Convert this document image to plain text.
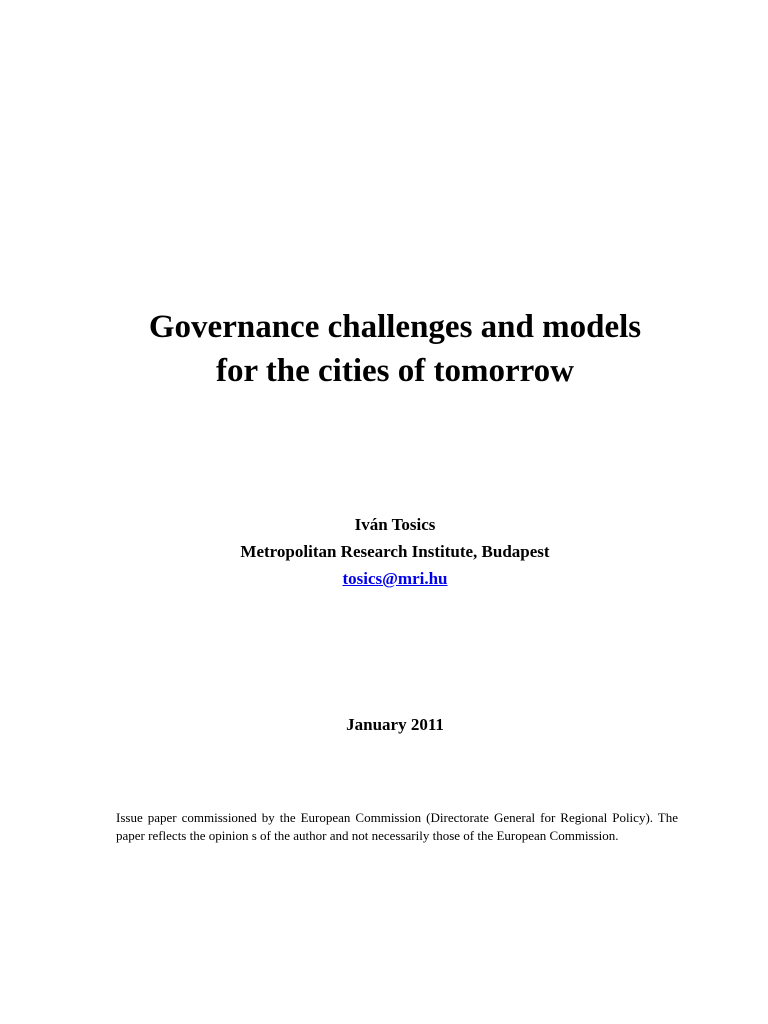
Governance challenges and models
for the cities of tomorrow
Iván Tosics
Metropolitan Research Institute, Budapest
tosics@mri.hu
January 2011

Issue paper commissioned by the European Commission (Directorate General for Regional Policy). The paper reflects the opinion s of the author and not necessarily those of the European Commission.
